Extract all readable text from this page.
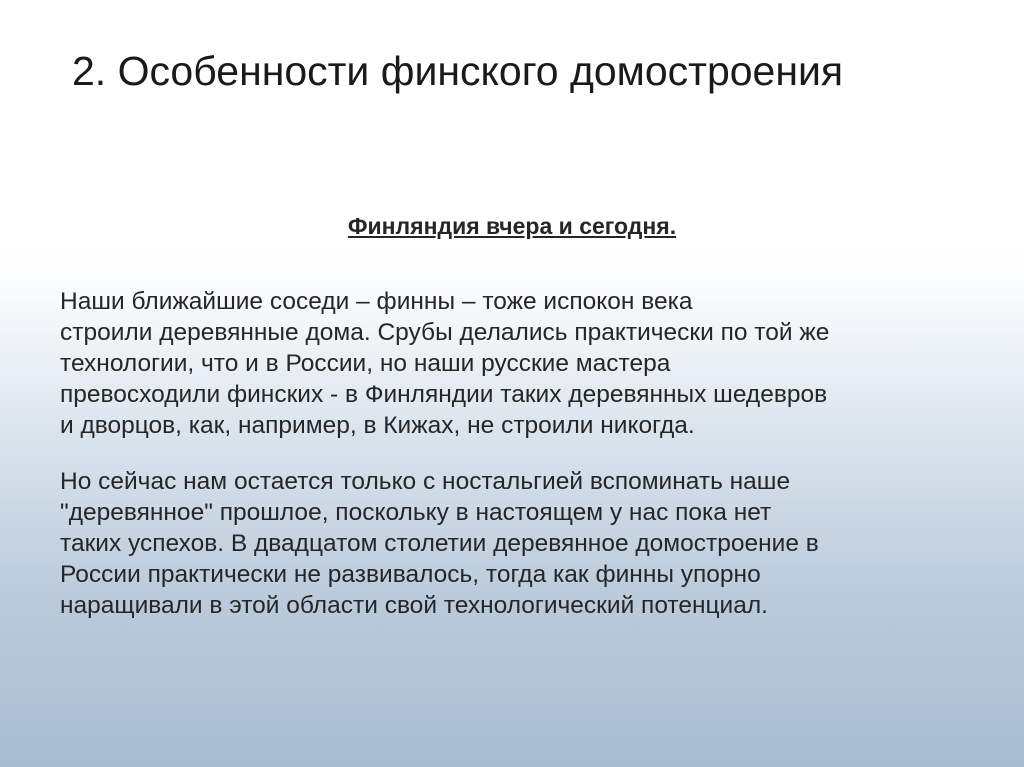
2. Особенности финского домостроения
Финляндия вчера и сегодня.

Наши ближайшие соседи – финны – тоже испокон века
строили деревянные дома. Срубы делались практически по той же
технологии, что и в России, но наши русские мастера
превосходили финских - в Финляндии таких деревянных шедевров
и дворцов, как, например, в Кижах, не строили никогда.

Но сейчас нам остается только с ностальгией вспоминать наше
"деревянное" прошлое, поскольку в настоящем у нас пока нет
таких успехов. В двадцатом столетии деревянное домостроение в
России практически не развивалось, тогда как финны упорно
наращивали в этой области свой технологический потенциал.
